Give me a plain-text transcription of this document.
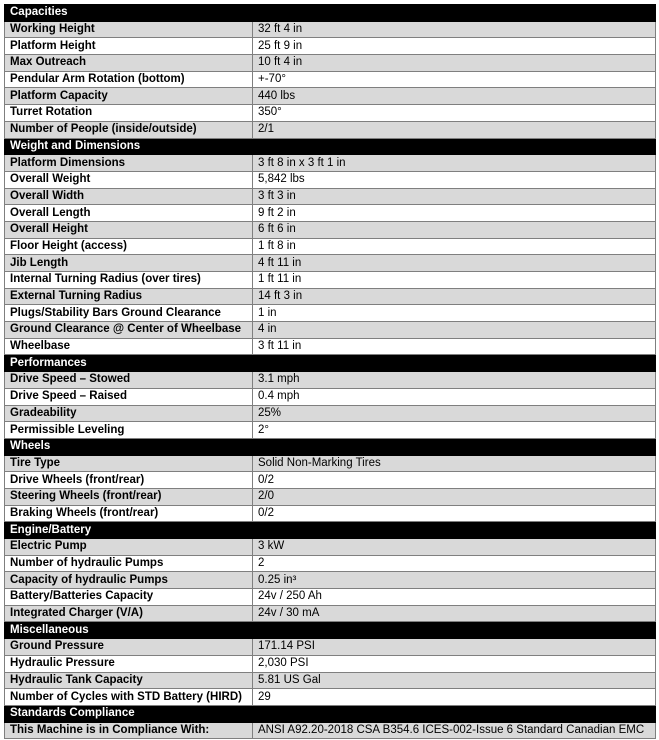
Capacities	
Working Height	32 ft 4 in
Platform Height	25 ft 9 in
Max Outreach	10 ft 4 in
Pendular Arm Rotation (bottom)	+-70°
Platform Capacity	440 lbs
Turret Rotation	350°
Number of People (inside/outside)	2/1
Weight and Dimensions	
Platform Dimensions	3 ft 8 in x 3 ft 1 in
Overall Weight	5,842 lbs
Overall Width	3 ft 3 in
Overall Length	9 ft 2 in
Overall Height	6 ft 6 in
Floor Height (access)	1 ft 8 in
Jib Length	4 ft 11 in
Internal Turning Radius (over tires)	1 ft 11 in
External Turning Radius	14 ft 3 in
Plugs/Stability Bars Ground Clearance	1 in
Ground Clearance @ Center of Wheelbase	4 in
Wheelbase	3 ft 11 in
Performances	
Drive Speed – Stowed	3.1 mph
Drive Speed – Raised	0.4 mph
Gradeability	25%
Permissible Leveling	2°
Wheels	
Tire Type	Solid Non-Marking Tires
Drive Wheels (front/rear)	0/2
Steering Wheels (front/rear)	2/0
Braking Wheels (front/rear)	0/2
Engine/Battery	
Electric Pump	3 kW
Number of hydraulic Pumps	2
Capacity of hydraulic Pumps	0.25 in³
Battery/Batteries Capacity	24v / 250 Ah
Integrated Charger (V/A)	24v / 30 mA
Miscellaneous	
Ground Pressure	171.14 PSI
Hydraulic Pressure	2,030 PSI
Hydraulic Tank Capacity	5.81 US Gal
Number of Cycles with STD Battery (HIRD)	29
Standards Compliance	
This Machine is in Compliance With:	ANSI A92.20-2018 CSA B354.6 ICES-002-Issue 6 Standard Canadian EMC
